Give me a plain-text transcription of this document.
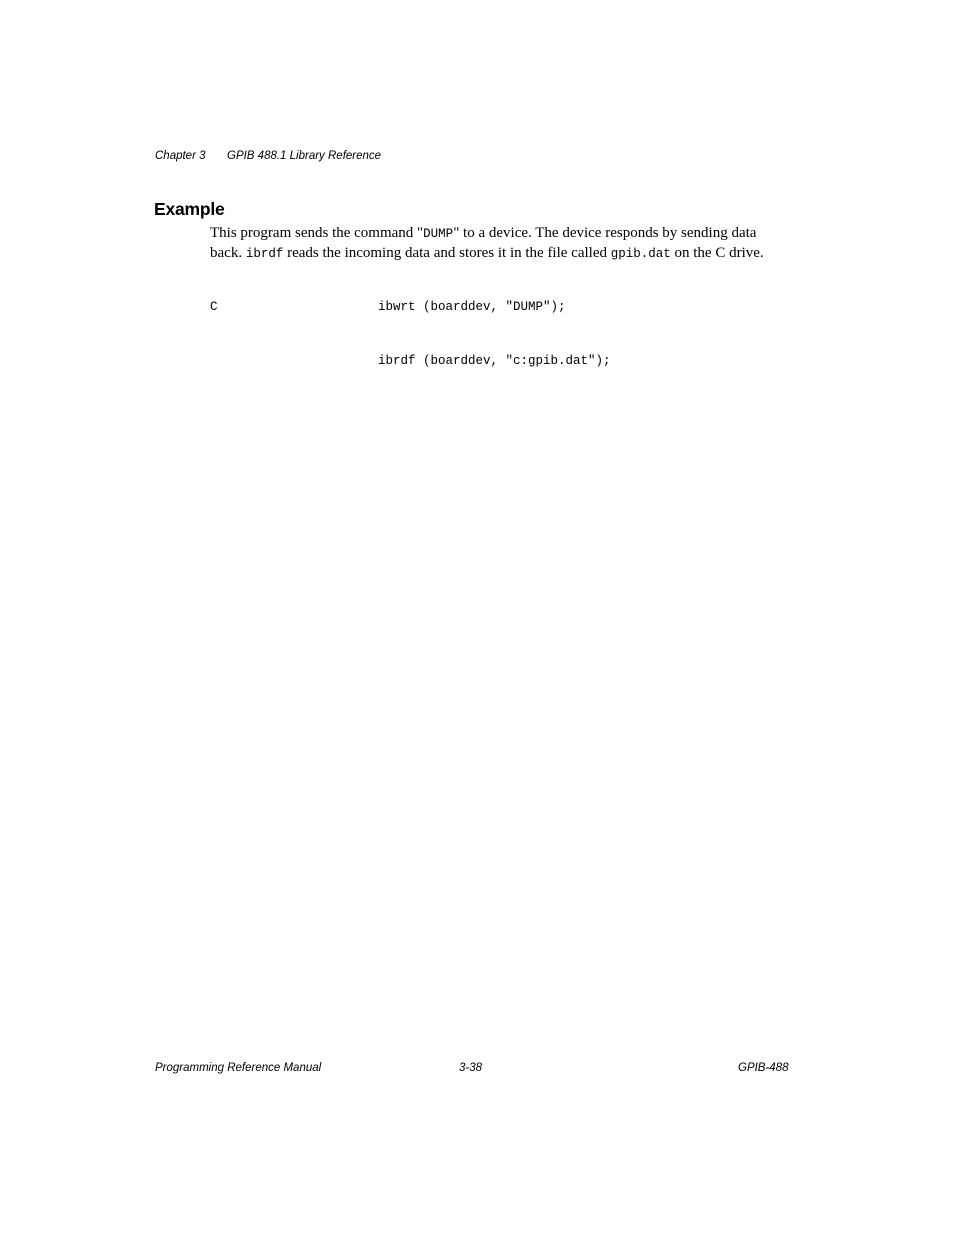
Chapter 3 GPIB 488.1 Library Reference
Example

This program sends the command "DUMP" to a device. The device responds by sending data
back. ibrdf reads the incoming data and stores it in the file called gpib.dat on the C drive.

C	ibwrt (boarddev, "DUMP");

ibrdf (boarddev, "c:gpib.dat");

Programming Reference Manual	3-38	GPIB-488
